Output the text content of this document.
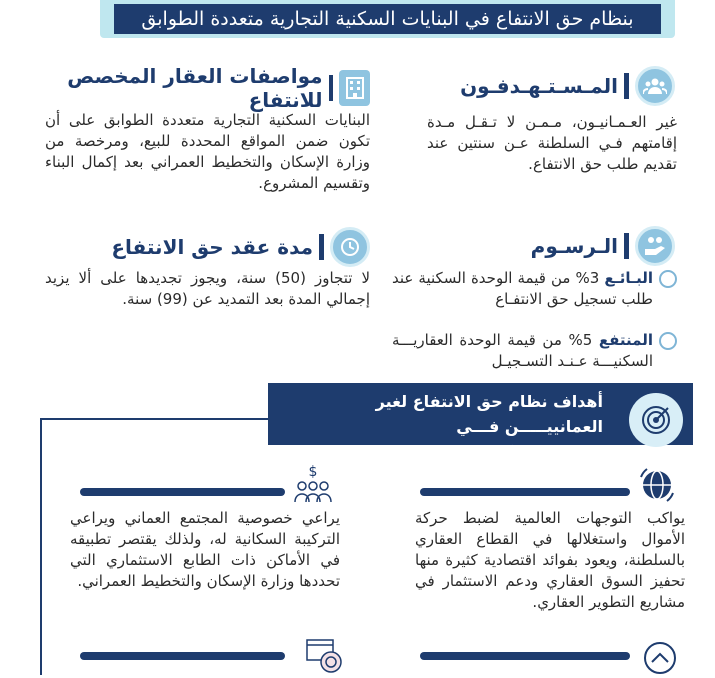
بنظام حق الانتفاع في البنايات السكنية التجارية متعددة الطوابق
المـسـتـهـدفـون
غير العـمـانيـون، مـمـن لا تـقـل مـدة إقامتهم فـي السلطنة عـن سنتين عند تقديم طلب حق الانتفاع.
مواصفات العقار المخصص للانتفاع
البنايات السكنية التجارية متعددة الطوابق على أن تكون ضمن المواقع المحددة للبيع، ومرخصة من وزارة الإسكان والتخطيط العمراني بعد إكمال البناء وتقسيم المشروع.
الـرسـوم
البـائـع 3% من قيمة الوحدة السكنية عند طلب تسجيل حق الانتفـاع
المنتفع 5% من قيمة الوحدة العقاريـــة السكنيـــة عـنـد التسـجيـل
مدة عقد حق الانتفاع
لا تتجاوز (50) سنة، ويجوز تجديدها على ألا يزيد إجمالي المدة بعد التمديد عن (99) سنة.
أهداف نظام حق الانتفاع لغير العمانييـــــن فـــي
المباني السكنية التجارية متعـددة الطــوابــق
يواكب التوجهات العالمية لضبط حركة الأموال واستغلالها في القطاع العقاري بالسلطنة، ويعود بفوائد اقتصادية كثيرة منها تحفيز السوق العقاري ودعم الاستثمار في مشاريع التطوير العقاري.
$
يراعي خصوصية المجتمع العماني ويراعي التركيبة السكانية له، ولذلك يقتصر تطبيقه في الأماكن ذات الطابع الاستثماري التي تحددها وزارة الإسكان والتخطيط العمراني.
